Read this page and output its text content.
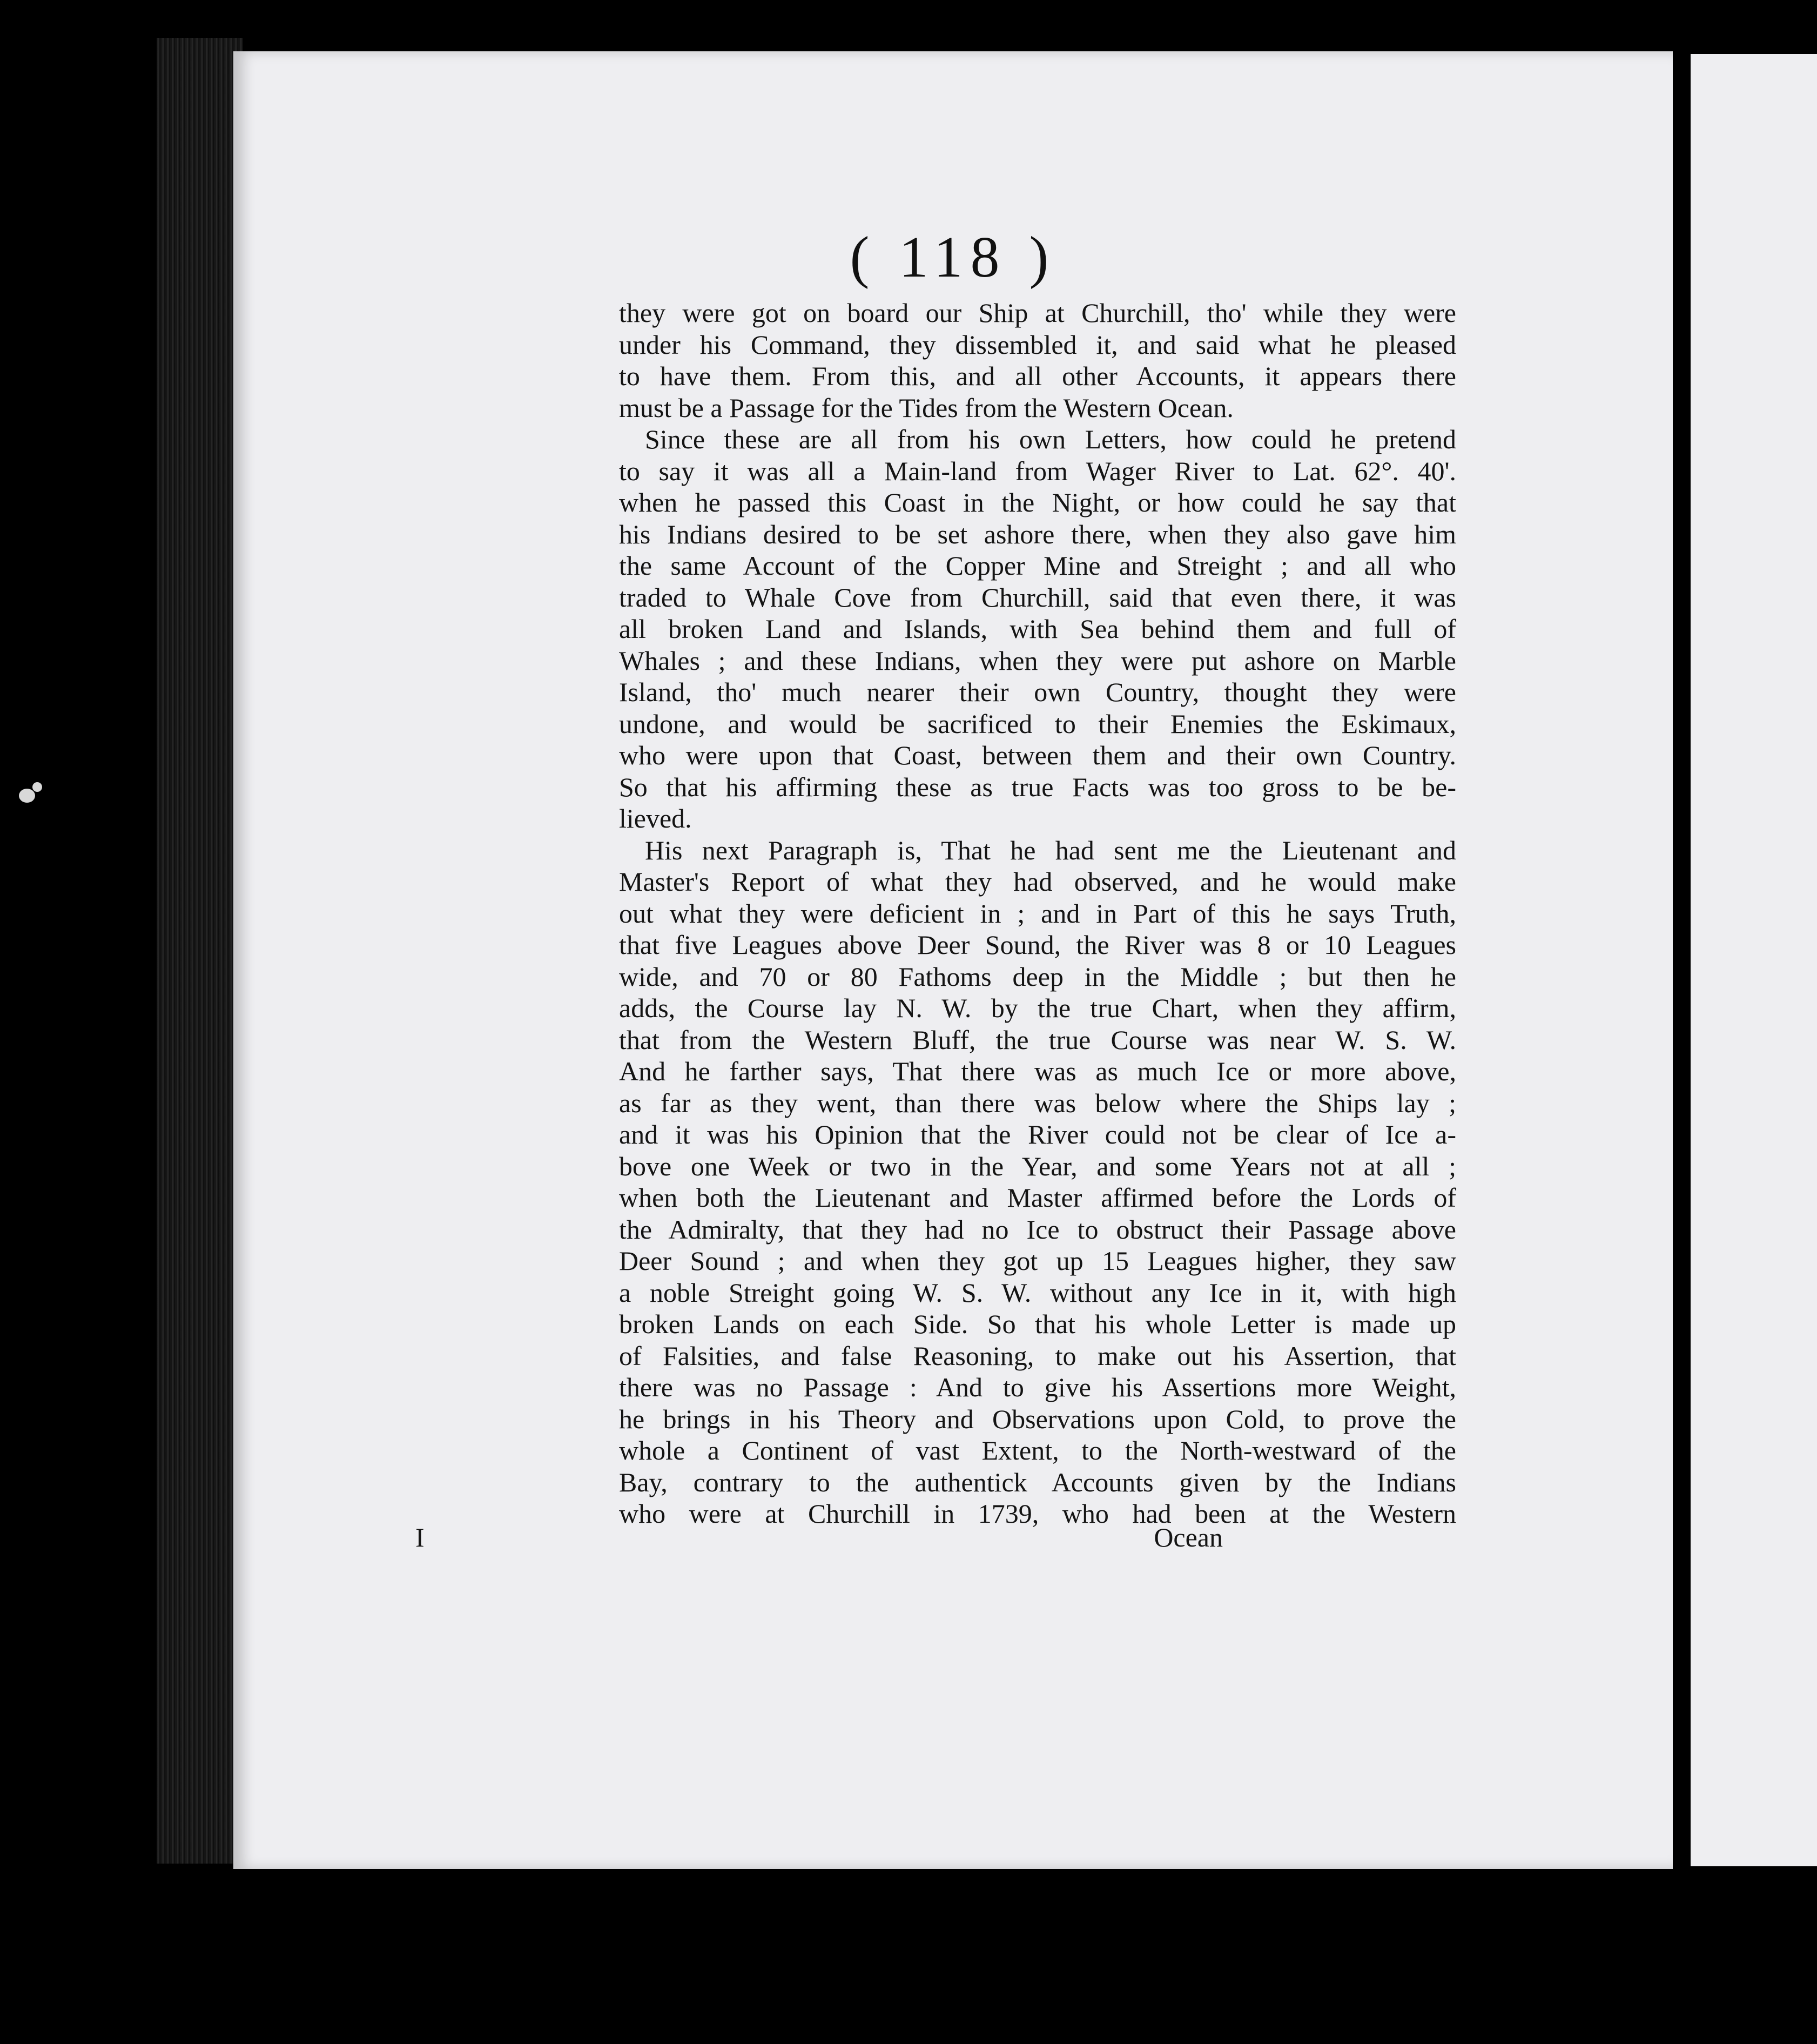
( 118 )
they were got on board our Ship at Churchill, tho' while they were
under his Command, they dissembled it, and said what he pleased
to have them. From this, and all other Accounts, it appears there
must be a Passage for the Tides from the Western Ocean.
Since these are all from his own Letters, how could he pretend
to say it was all a Main-land from Wager River to Lat. 62°. 40'.
when he passed this Coast in the Night, or how could he say that
his Indians desired to be set ashore there, when they also gave him
the same Account of the Copper Mine and Streight ; and all who
traded to Whale Cove from Churchill, said that even there, it was
all broken Land and Islands, with Sea behind them and full of
Whales ; and these Indians, when they were put ashore on Marble
Island, tho' much nearer their own Country, thought they were
undone, and would be sacrificed to their Enemies the Eskimaux,
who were upon that Coast, between them and their own Country.
So that his affirming these as true Facts was too gross to be be-
lieved.
His next Paragraph is, That he had sent me the Lieutenant and
Master's Report of what they had observed, and he would make
out what they were deficient in ; and in Part of this he says Truth,
that five Leagues above Deer Sound, the River was 8 or 10 Leagues
wide, and 70 or 80 Fathoms deep in the Middle ; but then he
adds, the Course lay N. W. by the true Chart, when they affirm,
that from the Western Bluff, the true Course was near W. S. W.
And he farther says, That there was as much Ice or more above,
as far as they went, than there was below where the Ships lay ;
and it was his Opinion that the River could not be clear of Ice a-
bove one Week or two in the Year, and some Years not at all ;
when both the Lieutenant and Master affirmed before the Lords of
the Admiralty, that they had no Ice to obstruct their Passage above
Deer Sound ; and when they got up 15 Leagues higher, they saw
a noble Streight going W. S. W. without any Ice in it, with high
broken Lands on each Side. So that his whole Letter is made up
of Falsities, and false Reasoning, to make out his Assertion, that
there was no Passage : And to give his Assertions more Weight,
he brings in his Theory and Observations upon Cold, to prove the
whole a Continent of vast Extent, to the North-westward of the
Bay, contrary to the authentick Accounts given by the Indians
who were at Churchill in 1739, who had been at the Western
I	Ocean
